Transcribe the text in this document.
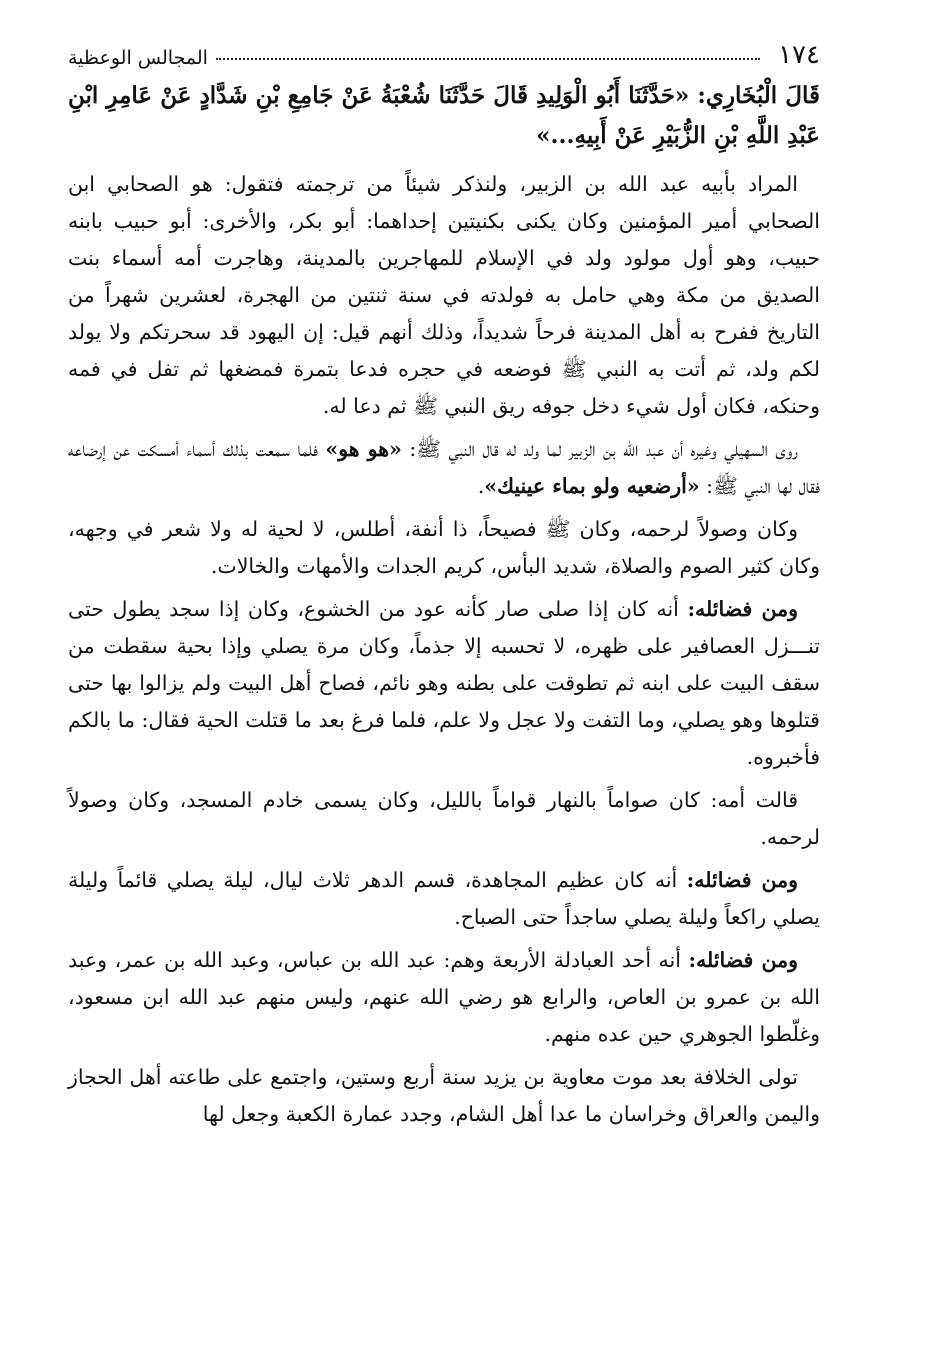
١٧٤
المجالس الوعظية
قَالَ الْبُخَارِي: «حَدَّثَنَا أَبُو الْوَلِيدِ قَالَ حَدَّثَنَا شُعْبَةُ عَنْ جَامِعِ بْنِ شَدَّادٍ عَنْ عَامِرِ ابْنِ عَبْدِ اللَّهِ بْنِ الزُّبَيْرِ عَنْ أَبِيهِ...»

المراد بأبيه عبد الله بن الزبير، ولنذكر شيئاً من ترجمته فتقول: هو الصحابي ابن الصحابي أمير المؤمنين وكان يكنى بكنيتين إحداهما: أبو بكر، والأخرى: أبو حبيب بابنه حبيب، وهو أول مولود ولد في الإسلام للمهاجرين بالمدينة، وهاجرت أمه أسماء بنت الصديق من مكة وهي حامل به فولدته في سنة ثنتين من الهجرة، لعشرين شهراً من التاريخ ففرح به أهل المدينة فرحاً شديداً، وذلك أنهم قيل: إن اليهود قد سحرتكم ولا يولد لكم ولد، ثم أتت به النبي ﷺ فوضعه في حجره فدعا بتمرة فمضغها ثم تفل في فمه وحنكه، فكان أول شيء دخل جوفه ريق النبي ﷺ ثم دعا له.

روى السهيلي وغيره أن عبد الله بن الزبير لما ولد له قال النبي ﷺ: «هو هو» فلما سمعت بذلك أسماء أمسكت عن إرضاعه فقال لها النبي ﷺ: «أرضعيه ولو بماء عينيك».

وكان وصولاً لرحمه، وكان ﷺ فصيحاً، ذا أنفة، أطلس، لا لحية له ولا شعر في وجهه، وكان كثير الصوم والصلاة، شديد البأس، كريم الجدات والأمهات والخالات.

ومن فضائله: أنه كان إذا صلى صار كأنه عود من الخشوع، وكان إذا سجد يطول حتى تنـــزل العصافير على ظهره، لا تحسبه إلا جذماً، وكان مرة يصلي وإذا بحية سقطت من سقف البيت على ابنه ثم تطوقت على بطنه وهو نائم، فصاح أهل البيت ولم يزالوا بها حتى قتلوها وهو يصلي، وما التفت ولا عجل ولا علم، فلما فرغ بعد ما قتلت الحية فقال: ما بالكم فأخبروه.

قالت أمه: كان صواماً بالنهار قواماً بالليل، وكان يسمى خادم المسجد، وكان وصولاً لرحمه.

ومن فضائله: أنه كان عظيم المجاهدة، قسم الدهر ثلاث ليال، ليلة يصلي قائماً وليلة يصلي راكعاً وليلة يصلي ساجداً حتى الصباح.

ومن فضائله: أنه أحد العبادلة الأربعة وهم: عبد الله بن عباس، وعبد الله بن عمر، وعبد الله بن عمرو بن العاص، والرابع هو رضي الله عنهم، وليس منهم عبد الله ابن مسعود، وغلّطوا الجوهري حين عده منهم.

تولى الخلافة بعد موت معاوية بن يزيد سنة أربع وستين، واجتمع على طاعته أهل الحجاز واليمن والعراق وخراسان ما عدا أهل الشام، وجدد عمارة الكعبة وجعل لها
